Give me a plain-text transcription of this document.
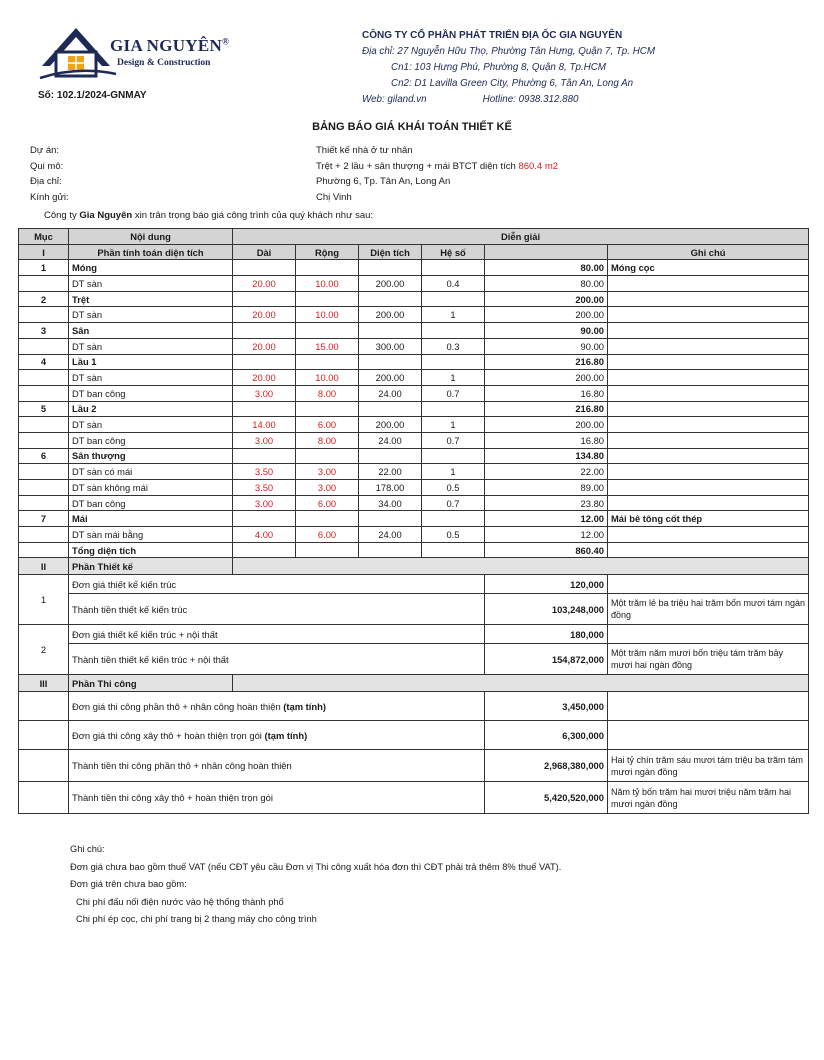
GIA NGUYÊN®
Design & Construction
Số: 102.1/2024-GNMAY
CÔNG TY CỔ PHẦN PHÁT TRIỂN ĐỊA ỐC GIA NGUYÊN
Địa chỉ: 27 Nguyễn Hữu Thọ, Phường Tân Hưng, Quận 7, Tp. HCM
Cn1: 103 Hưng Phú, Phường 8, Quận 8, Tp.HCM
Cn2: D1 Lavilla Green City, Phường 6, Tân An, Long An
Web: giland.vn	Hotline: 0938.312.880
BẢNG BÁO GIÁ KHÁI TOÁN THIẾT KẾ
Dự án:	Thiết kế nhà ở tư nhân
Qui mô:	Trệt + 2 lầu + sân thượng + mái BTCT diện tích 860.4 m2
Địa chỉ:	Phường 6, Tp. Tân An, Long An
Kính gửi:	Chị Vinh
Công ty Gia Nguyên xin trân trọng báo giá công trình của quý khách như sau:
Mục	Nội dung	Diễn giải					
I	Phần tính toán diện tích	Dài	Rộng	Diện tích	Hệ số		Ghi chú
1	Móng					80.00	Móng cọc
	DT sàn	20.00	10.00	200.00	0.4	80.00	
2	Trệt					200.00	
	DT sàn	20.00	10.00	200.00	1	200.00	
3	Sân					90.00	
	DT sàn	20.00	15.00	300.00	0.3	90.00	
4	Lầu 1					216.80	
	DT sàn	20.00	10.00	200.00	1	200.00	
	DT ban công	3.00	8.00	24.00	0.7	16.80	
5	Lầu 2					216.80	
	DT sàn	14.00	6.00	200.00	1	200.00	
	DT ban công	3.00	8.00	24.00	0.7	16.80	
6	Sân thượng					134.80	
	DT sàn có mái	3.50	3.00	22.00	1	22.00	
	DT sàn không mái	3.50	3.00	178.00	0.5	89.00	
	DT ban công	3.00	6.00	34.00	0.7	23.80	
7	Mái					12.00	Mái bê tông cốt thép
	DT sàn mái bằng	4.00	6.00	24.00	0.5	12.00	
	Tổng diện tích					860.40	
II	Phần Thiết kế						
1	Đơn giá thiết kế kiến trúc					120,000	
	Thành tiền thiết kế kiến trúc					103,248,000	Một trăm lẻ ba triệu hai trăm bốn mươi tám ngàn đồng
2	Đơn giá thiết kế kiến trúc + nội thất					180,000	
	Thành tiền thiết kế kiến trúc + nội thất					154,872,000	Một trăm năm mươi bốn triệu tám trăm bảy mươi hai ngàn đồng
III	Phần Thi công						
	Đơn giá thi công phần thô + nhân công hoàn thiện (tạm tính)					3,450,000	
	Đơn giá thi công xây thô + hoàn thiện trọn gói (tạm tính)					6,300,000	
	Thành tiền thi công phần thô + nhân công hoàn thiện					2,968,380,000	Hai tỷ chín trăm sáu mươi tám triệu ba trăm tám mươi ngàn đồng
	Thành tiền thi công xây thô + hoàn thiện trọn gói					5,420,520,000	Năm tỷ bốn trăm hai mươi triệu năm trăm hai mươi ngàn đồng
Ghi chú:
Đơn giá chưa bao gồm thuế VAT (nếu CĐT yêu cầu Đơn vị Thi công xuất hóa đơn thì CĐT phải trả thêm 8% thuế VAT).
Đơn giá trên chưa bao gồm:
Chi phí đấu nối điện nước vào hệ thống thành phố
Chi phí ép cọc, chi phí trang bị 2 thang máy cho công trình
